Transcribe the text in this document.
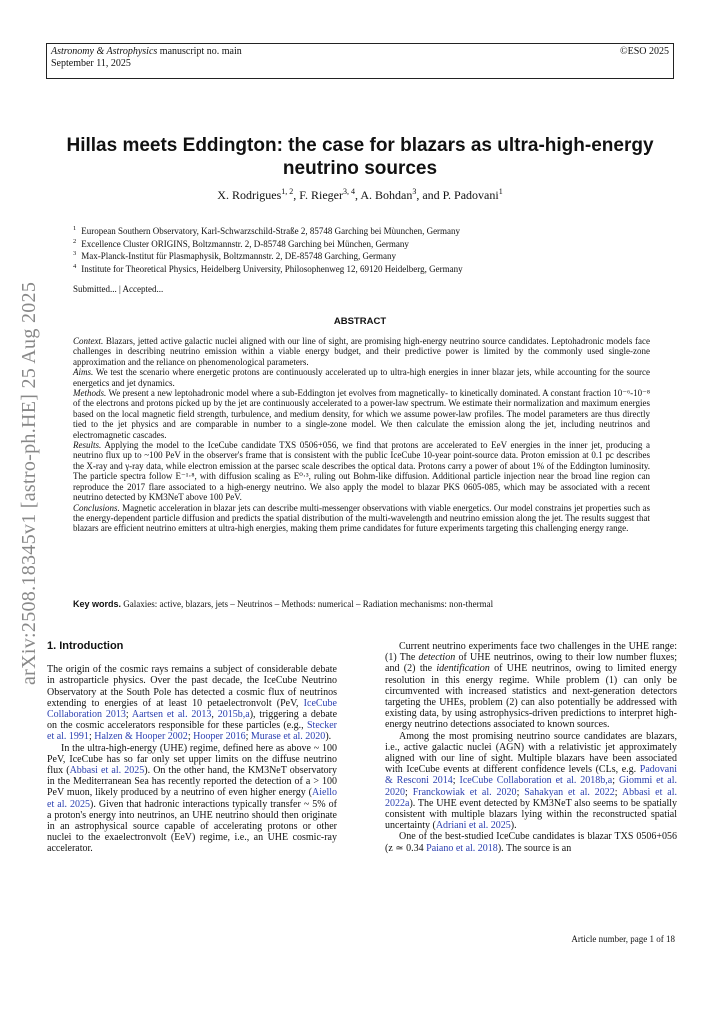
Astronomy & Astrophysics manuscript no. main
September 11, 2025
©ESO 2025
arXiv:2508.18345v1 [astro-ph.HE] 25 Aug 2025
Hillas meets Eddington: the case for blazars as ultra-high-energy neutrino sources
X. Rodrigues$^{1, 2}$, F. Rieger$^{3, 4}$, A. Bohdan$^3$, and P. Padovani$^1$
$^1$ European Southern Observatory, Karl-Schwarzschild-Straße 2, 85748 Garching bei Mùunchen, Germany
$^2$ Excellence Cluster ORIGINS, Boltzmannstr. 2, D-85748 Garching bei München, Germany
$^3$ Max-Planck-Institut für Plasmaphysik, Boltzmannstr. 2, DE-85748 Garching, Germany
$^4$ Institute for Theoretical Physics, Heidelberg University, Philosophenweg 12, 69120 Heidelberg, Germany
Submitted... | Accepted...
ABSTRACT

Context. Blazars, jetted active galactic nuclei aligned with our line of sight, are promising high-energy neutrino source candidates. Leptohadronic models face challenges in describing neutrino emission within a viable energy budget, and their predictive power is limited by the commonly used single-zone approximation and the reliance on phenomenological parameters.

Aims. We test the scenario where energetic protons are continuously accelerated up to ultra-high energies in inner blazar jets, while accounting for the source energetics and jet dynamics.

Methods. We present a new leptohadronic model where a sub-Eddington jet evolves from magnetically- to kinetically dominated. A constant fraction 10⁻⁶-10⁻⁸ of the electrons and protons picked up by the jet are continuously accelerated to a power-law spectrum. We estimate their normalization and maximum energies based on the local magnetic field strength, turbulence, and medium density, for which we assume power-law profiles. The model parameters are thus directly tied to the jet physics and are comparable in number to a single-zone model. We then calculate the emission along the jet, including neutrinos and electromagnetic cascades.

Results. Applying the model to the IceCube candidate TXS 0506+056, we find that protons are accelerated to EeV energies in the inner jet, producing a neutrino flux up to ~100 PeV in the observer's frame that is consistent with the public IceCube 10-year point-source data. Proton emission at 0.1 pc describes the X-ray and γ-ray data, while electron emission at the parsec scale describes the optical data. Protons carry a power of about 1% of the Eddington luminosity. The particle spectra follow E⁻¹·⁸, with diffusion scaling as E⁰·³, ruling out Bohm-like diffusion. Additional particle injection near the broad line region can reproduce the 2017 flare associated to a high-energy neutrino. We also apply the model to blazar PKS 0605-085, which may be associated with a recent neutrino detected by KM3NeT above 100 PeV.

Conclusions. Magnetic acceleration in blazar jets can describe multi-messenger observations with viable energetics. Our model constrains jet properties such as the energy-dependent particle diffusion and predicts the spatial distribution of the multi-wavelength and neutrino emission along the jet. The results suggest that blazars are efficient neutrino emitters at ultra-high energies, making them prime candidates for future experiments targeting this challenging energy range.

Key words. Galaxies: active, blazars, jets – Neutrinos – Methods: numerical – Radiation mechanisms: non-thermal
1. Introduction

The origin of the cosmic rays remains a subject of considerable debate in astroparticle physics. Over the past decade, the IceCube Neutrino Observatory at the South Pole has detected a cosmic flux of neutrinos extending to energies of at least 10 petaelectronvolt (PeV, IceCube Collaboration 2013; Aartsen et al. 2013, 2015b,a), triggering a debate on the cosmic accelerators responsible for these particles (e.g., Stecker et al. 1991; Halzen & Hooper 2002; Hooper 2016; Murase et al. 2020).

In the ultra-high-energy (UHE) regime, defined here as above ~ 100 PeV, IceCube has so far only set upper limits on the diffuse neutrino flux (Abbasi et al. 2025). On the other hand, the KM3NeT observatory in the Mediterranean Sea has recently reported the detection of a > 100 PeV muon, likely produced by a neutrino of even higher energy (Aiello et al. 2025). Given that hadronic interactions typically transfer ~ 5% of a proton's energy into neutrinos, an UHE neutrino should then originate in an astrophysical source capable of accelerating protons or other nuclei to the exaelectronvolt (EeV) regime, i.e., an UHE cosmic-ray accelerator.

Current neutrino experiments face two challenges in the UHE range: (1) The detection of UHE neutrinos, owing to their low number fluxes; and (2) the identification of UHE neutrinos, owing to limited energy resolution in this energy regime. While problem (1) can only be circumvented with increased statistics and next-generation detectors targeting the UHEs, problem (2) can also potentially be addressed with existing data, by using astrophysics-driven predictions to interpret high-energy neutrino detections associated to known sources.

Among the most promising neutrino source candidates are blazars, i.e., active galactic nuclei (AGN) with a relativistic jet approximately aligned with our line of sight. Multiple blazars have been associated with IceCube events at different confidence levels (CLs, e.g. Padovani & Resconi 2014; IceCube Collaboration et al. 2018b,a; Giommi et al. 2020; Franckowiak et al. 2020; Sahakyan et al. 2022; Abbasi et al. 2022a). The UHE event detected by KM3NeT also seems to be spatially consistent with multiple blazars lying within the reconstructed spatial uncertainty (Adriani et al. 2025).

One of the best-studied IceCube candidates is blazar TXS 0506+056 (z ≃ 0.34 Paiano et al. 2018). The source is an

Article number, page 1 of 18
